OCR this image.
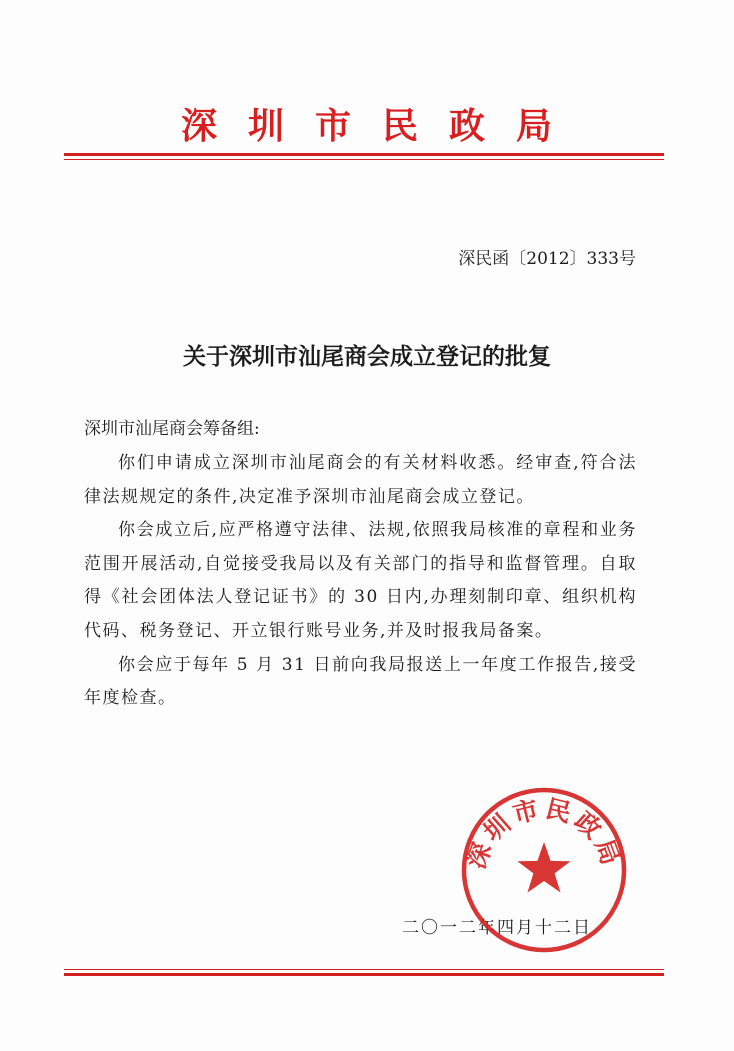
深圳市民政局
深民函〔2012〕333号
关于深圳市汕尾商会成立登记的批复
深圳市汕尾商会筹备组:

你们申请成立深圳市汕尾商会的有关材料收悉。经审查,符合法律法规规定的条件,决定准予深圳市汕尾商会成立登记。

你会成立后,应严格遵守法律、法规,依照我局核准的章程和业务范围开展活动,自觉接受我局以及有关部门的指导和监督管理。自取得《社会团体法人登记证书》的 30 日内,办理刻制印章、组织机构代码、税务登记、开立银行账号业务,并及时报我局备案。

你会应于每年 5 月 31 日前向我局报送上一年度工作报告,接受年度检查。

二〇一二年四月十二日
深圳市民政局
